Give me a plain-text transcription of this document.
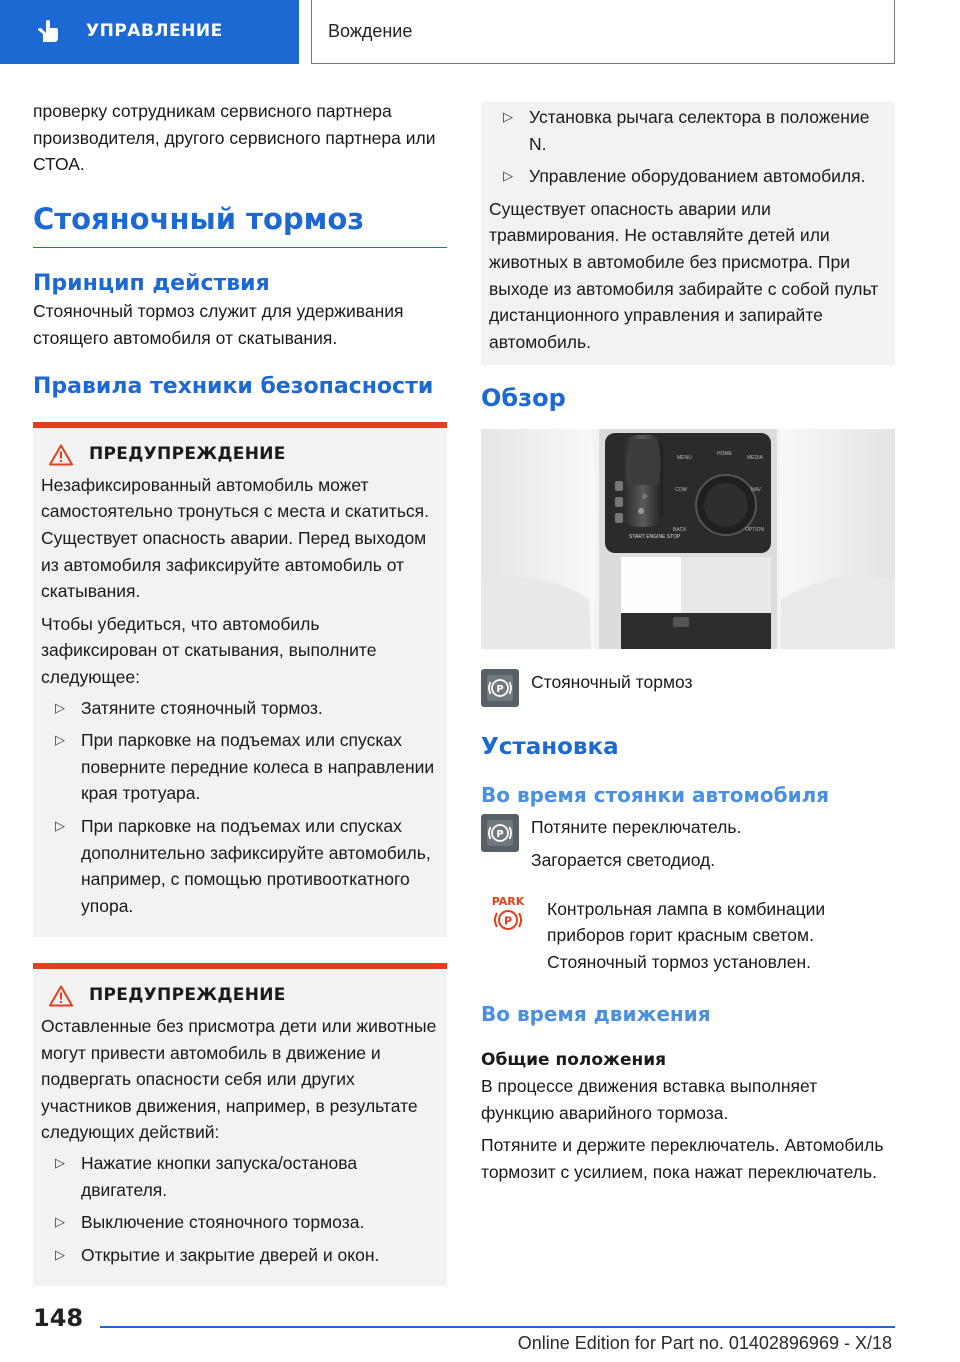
УПРАВЛЕНИЕ	Вождение

проверку сотрудникам сервисного партнера производителя, другого сервисного партнера или СТОА.

Стояночный тормоз
Принцип действия

Стояночный тормоз служит для удерживания стоящего автомобиля от скатывания.

Правила техники безопасности
ПРЕДУПРЕЖДЕНИЕ

Незафиксированный автомобиль может самостоятельно тронуться с места и скатиться. Существует опасность аварии. Перед выходом из автомобиля зафиксируйте автомобиль от скатывания.

Чтобы убедиться, что автомобиль зафиксирован от скатывания, выполните следующее:

▷ Затяните стояночный тормоз.
▷ При парковке на подъемах или спусках поверните передние колеса в направлении края тротуара.
▷ При парковке на подъемах или спусках дополнительно зафиксируйте автомобиль, например, с помощью противооткатного упора.
ПРЕДУПРЕЖДЕНИЕ

Оставленные без присмотра дети или животные могут привести автомобиль в движение и подвергать опасности себя или других участников движения, например, в результате следующих действий:

▷ Нажатие кнопки запуска/останова двигателя.
▷ Выключение стояночного тормоза.
▷ Открытие и закрытие дверей и окон.
▷ Установка рычага селектора в положение N.
▷ Управление оборудованием автомобиля.

Существует опасность аварии или травмирования. Не оставляйте детей или животных в автомобиле без присмотра. При выходе из автомобиля забирайте с собой пульт дистанционного управления и запирайте автомобиль.

Обзор
START ENGINE STOP
P
MENU
HOME
MEDIA
COM	NAV
BACK	OPTION
P Стояночный тормоз
Установка
Во время стоянки автомобиля
P Потяните переключатель.

Загорается светодиод.

PARK
P

Контрольная лампа в комбинации приборов горит красным светом. Стояночный тормоз установлен.

Во время движения
Общие положения

В процессе движения вставка выполняет функцию аварийного тормоза.

Потяните и держите переключатель. Автомобиль тормозит с усилием, пока нажат переключатель.

148
Online Edition for Part no. 01402896969 - X/18
